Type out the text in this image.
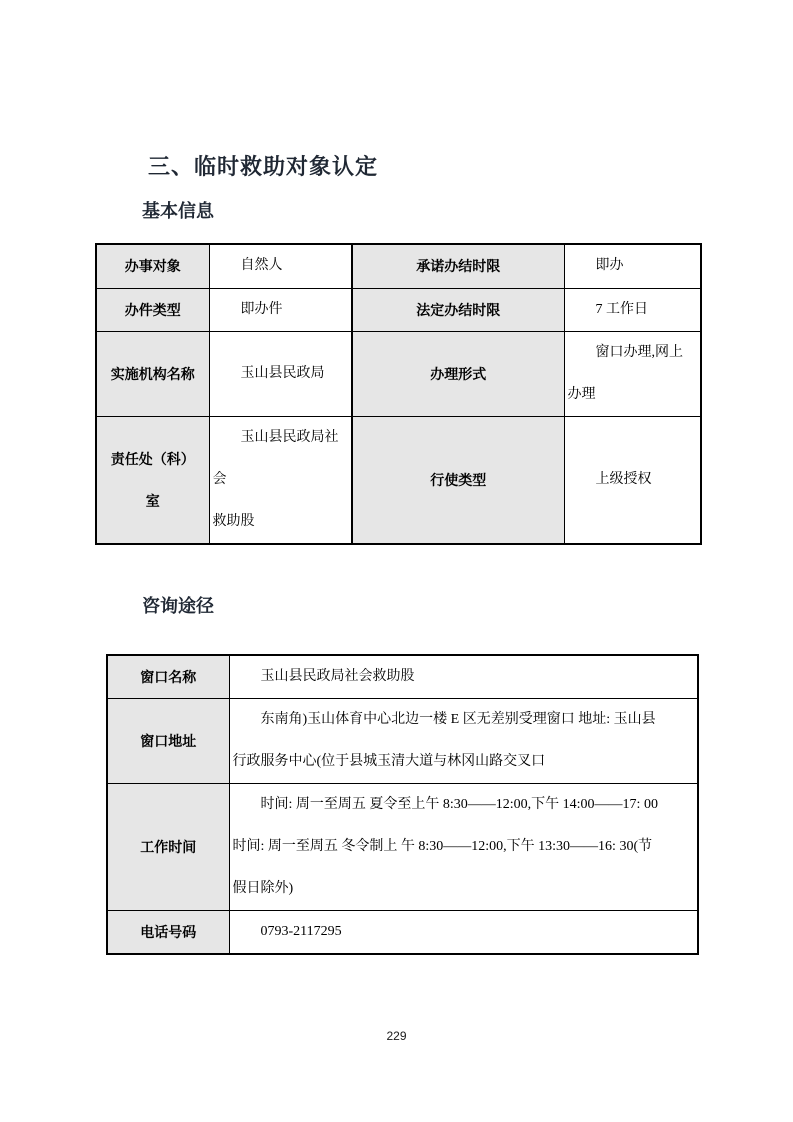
三、临时救助对象认定
基本信息
办事对象	自然人	承诺办结时限	即办

办件类型	即办件	法定办结时限	7 工作日

实施机构名称	玉山县民政局	办理形式	窗口办理,网上
办理

责任处（科）
室	玉山县民政局社会
救助股	行使类型	上级授权
咨询途径
窗口名称	玉山县民政局社会救助股

窗口地址	东南角)玉山体育中心北边一楼 E 区无差别受理窗口 地址: 玉山县
行政服务中心(位于县城玉清大道与林冈山路交叉口

工作时间	时间: 周一至周五 夏令至上午 8:30——12:00,下午 14:00——17: 00
时间: 周一至周五 冬令制上 午 8:30——12:00,下午 13:30——16: 30(节
假日除外)

电话号码	0793-2117295
229
